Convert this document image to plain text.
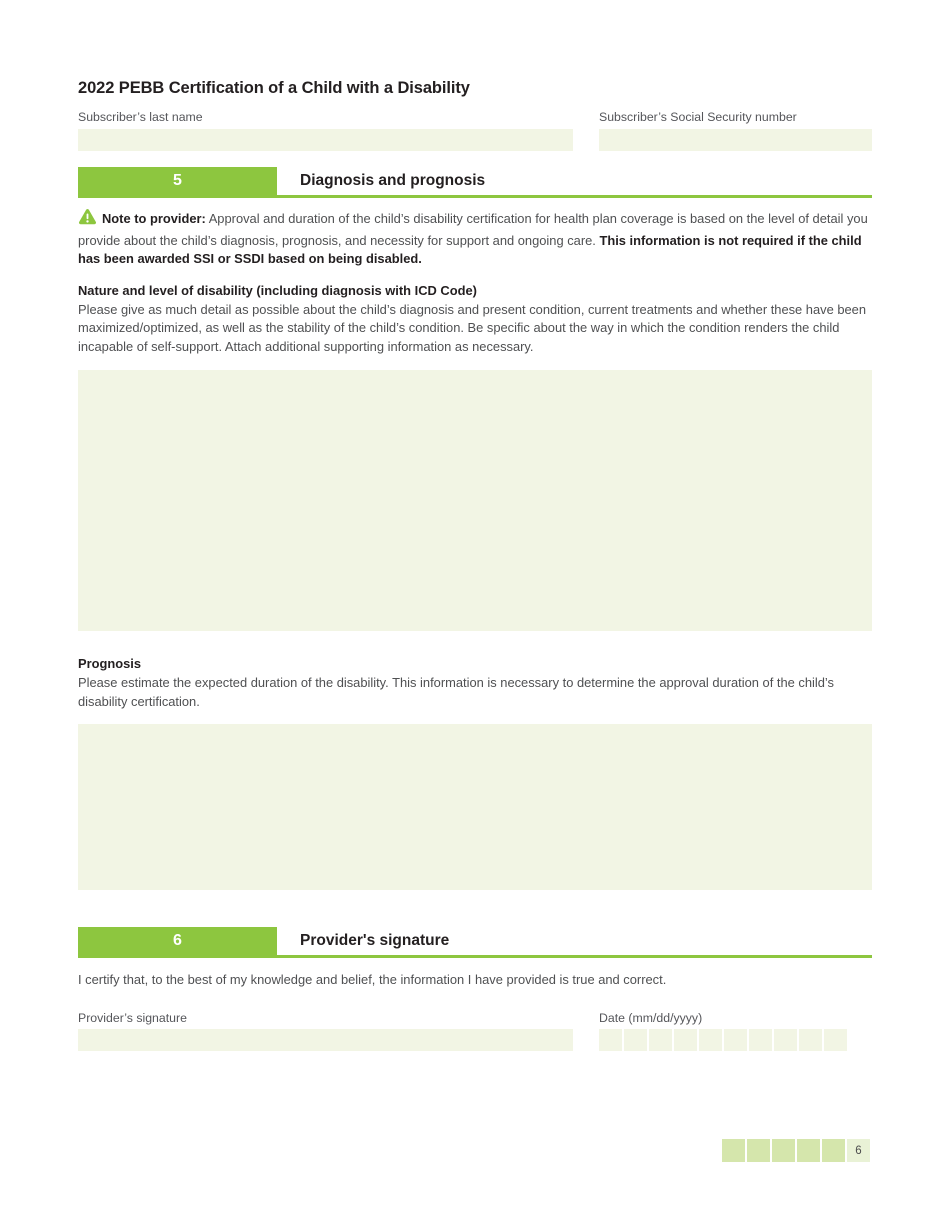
2022 PEBB Certification of a Child with a Disability
Subscriber’s last name	Subscriber’s Social Security number
5	Diagnosis and prognosis

Note to provider: Approval and duration of the child’s disability certification for health plan coverage is based on the level of detail you provide about the child’s diagnosis, prognosis, and necessity for support and ongoing care. This information is not required if the child has been awarded SSI or SSDI based on being disabled.

Nature and level of disability (including diagnosis with ICD Code)

Please give as much detail as possible about the child’s diagnosis and present condition, current treatments and whether these have been maximized/optimized, as well as the stability of the child’s condition. Be specific about the way in which the condition renders the child incapable of self-support. Attach additional supporting information as necessary.

Prognosis

Please estimate the expected duration of the disability. This information is necessary to determine the approval duration of the child’s disability certification.

6	Provider's signature

I certify that, to the best of my knowledge and belief, the information I have provided is true and correct.

Provider’s signature	Date (mm/dd/yyyy)
6
